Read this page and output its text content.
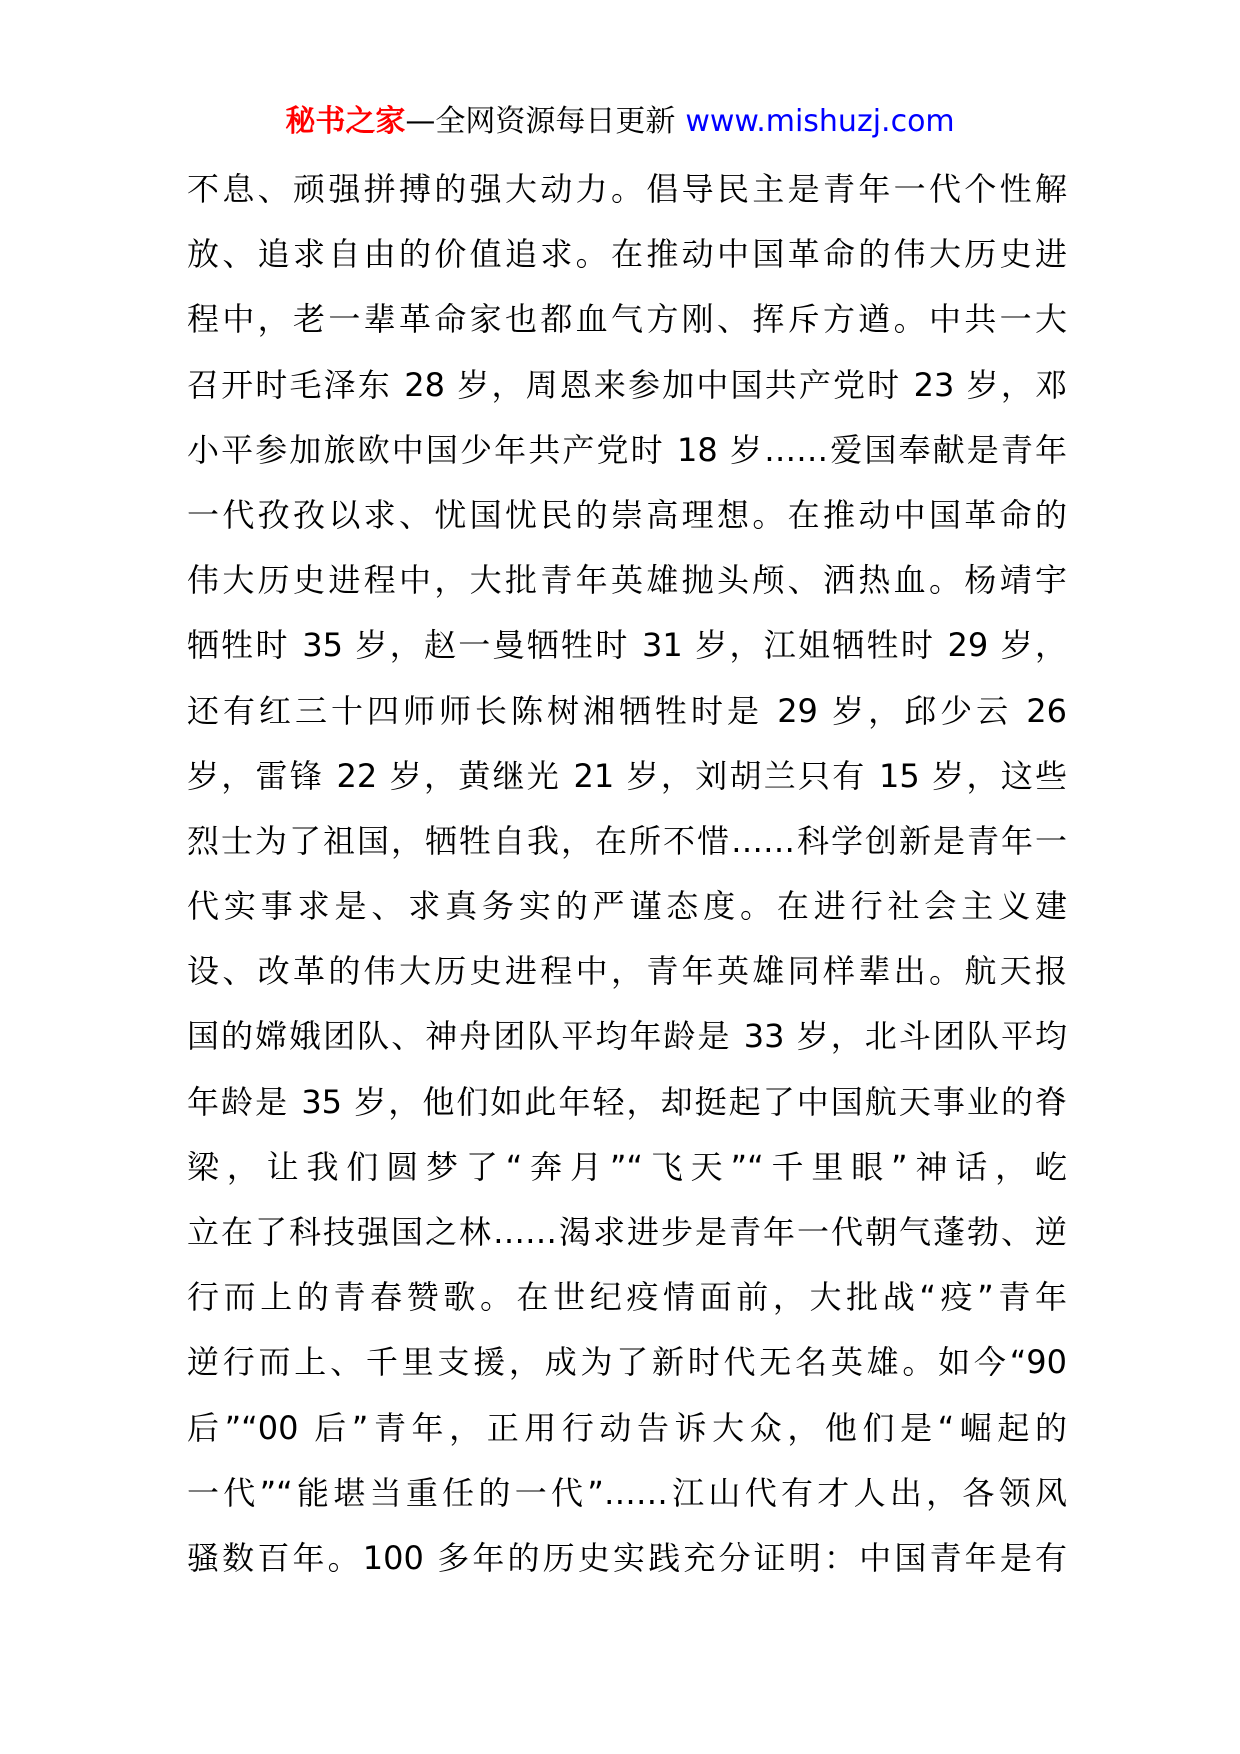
秘书之家—全网资源每日更新 www.mishuzj.com
不息、顽强拼搏的强大动力。倡导民主是青年一代个性解
放、追求自由的价值追求。在推动中国革命的伟大历史进
程中，老一辈革命家也都血气方刚、挥斥方遒。中共一大
召开时毛泽东 28 岁，周恩来参加中国共产党时 23 岁，邓
小平参加旅欧中国少年共产党时 18 岁……爱国奉献是青年
一代孜孜以求、忧国忧民的崇高理想。在推动中国革命的
伟大历史进程中，大批青年英雄抛头颅、洒热血。杨靖宇
牺牲时 35 岁，赵一曼牺牲时 31 岁，江姐牺牲时 29 岁，
还有红三十四师师长陈树湘牺牲时是 29 岁，邱少云 26
岁，雷锋 22 岁，黄继光 21 岁，刘胡兰只有 15 岁，这些
烈士为了祖国，牺牲自我，在所不惜……科学创新是青年一
代实事求是、求真务实的严谨态度。在进行社会主义建
设、改革的伟大历史进程中，青年英雄同样辈出。航天报
国的嫦娥团队、神舟团队平均年龄是 33 岁，北斗团队平均
年龄是 35 岁，他们如此年轻，却挺起了中国航天事业的脊
梁，让我们圆梦了“奔月”“飞天”“千里眼”神话，屹
立在了科技强国之林……渴求进步是青年一代朝气蓬勃、逆
行而上的青春赞歌。在世纪疫情面前，大批战“疫”青年
逆行而上、千里支援，成为了新时代无名英雄。如今“90
后”“00 后”青年，正用行动告诉大众，他们是“崛起的
一代”“能堪当重任的一代”……江山代有才人出，各领风
骚数百年。100 多年的历史实践充分证明：中国青年是有
